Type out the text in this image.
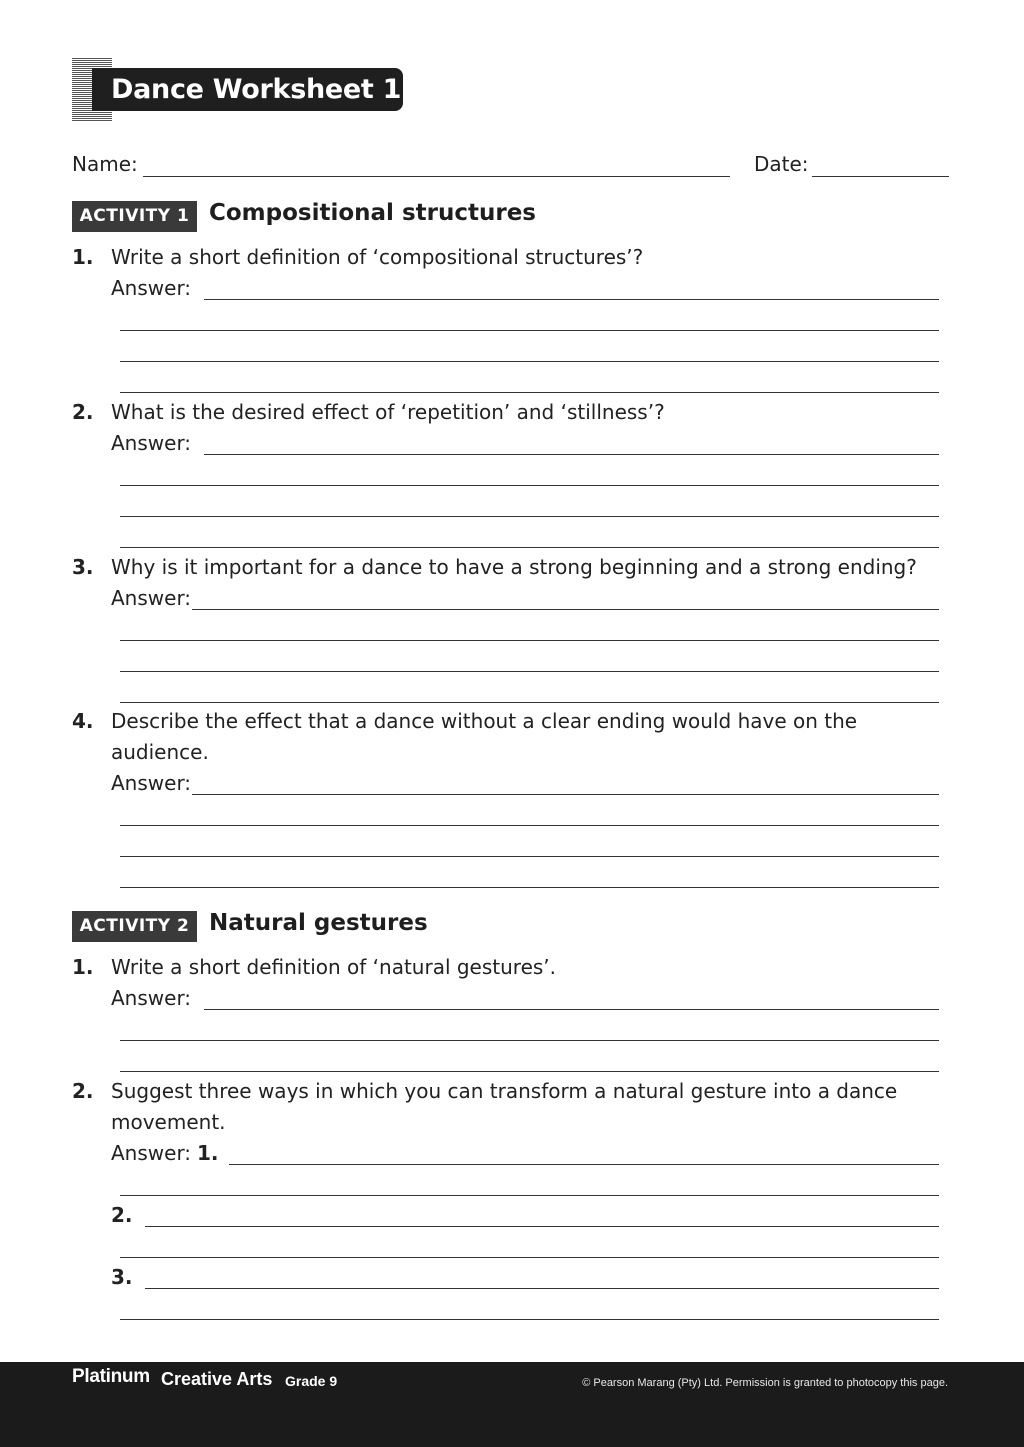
Dance Worksheet 1
Name:	Date:
ACTIVITY 1 Compositional structures
1. Write a short definition of ‘compositional structures’?
Answer:
2. What is the desired effect of ‘repetition’ and ‘stillness’?
Answer:
3. Why is it important for a dance to have a strong beginning and a strong ending?
Answer:
4. Describe the effect that a dance without a clear ending would have on the
audience.
Answer:
ACTIVITY 2 Natural gestures
1. Write a short definition of ‘natural gestures’.
Answer:
2. Suggest three ways in which you can transform a natural gesture into a dance
movement.
Answer: 1.
2.
3.
Platinum Creative Arts Grade 9	© Pearson Marang (Pty) Ltd. Permission is granted to photocopy this page.
